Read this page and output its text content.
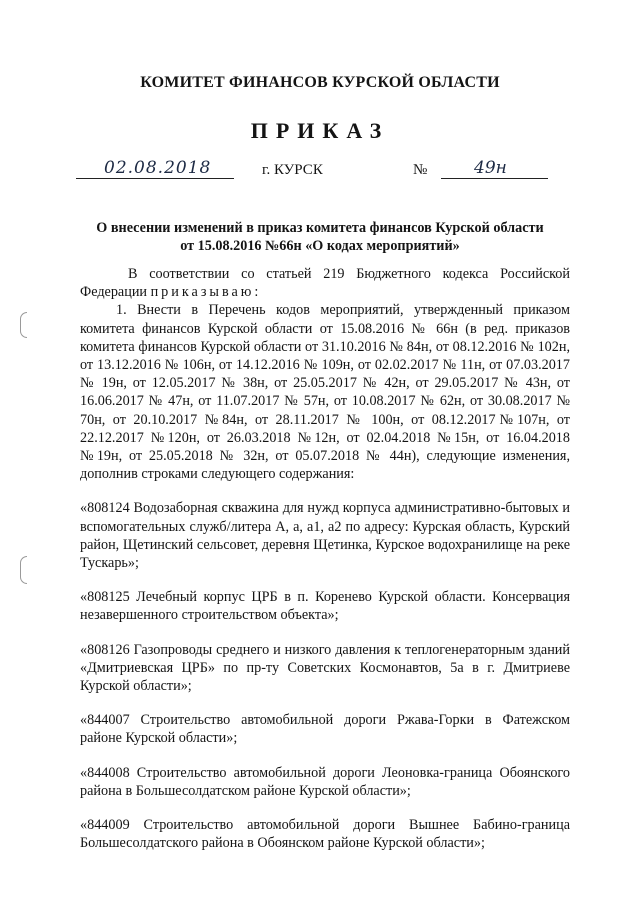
КОМИТЕТ ФИНАНСОВ КУРСКОЙ ОБЛАСТИ
ПРИКАЗ
02.08.2018	г. КУРСК	№	49н
О внесении изменений в приказ комитета финансов Курской области
от 15.08.2016 №66н «О кодах мероприятий»

В соответствии со статьей 219 Бюджетного кодекса Российской Федерации приказываю:

1. Внести в Перечень кодов мероприятий, утвержденный приказом комитета финансов Курской области от 15.08.2016 № 66н (в ред. приказов комитета финансов Курской области от 31.10.2016 № 84н, от 08.12.2016 № 102н, от 13.12.2016 № 106н, от 14.12.2016 № 109н, от 02.02.2017 № 11н, от 07.03.2017 № 19н, от 12.05.2017 № 38н, от 25.05.2017 № 42н, от 29.05.2017 № 43н, от 16.06.2017 № 47н, от 11.07.2017 № 57н, от 10.08.2017 № 62н, от 30.08.2017 № 70н, от 20.10.2017 №84н, от 28.11.2017 № 100н, от 08.12.2017№107н, от 22.12.2017 №120н, от 26.03.2018 №12н, от 02.04.2018 №15н, от 16.04.2018 №19н, от 25.05.2018 № 32н, от 05.07.2018 № 44н), следующие изменения, дополнив строками следующего содержания:

«808124 Водозаборная скважина для нужд корпуса административно-бытовых и вспомогательных служб/литера А, а, а1, а2 по адресу: Курская область, Курский район, Щетинский сельсовет, деревня Щетинка, Курское водохранилище на реке Тускарь»;

«808125 Лечебный корпус ЦРБ в п. Коренево Курской области. Консервация незавершенного строительством объекта»;

«808126 Газопроводы среднего и низкого давления к теплогенераторным зданий «Дмитриевская ЦРБ» по пр-ту Советских Космонавтов, 5а в г. Дмитриеве Курской области»;

«844007 Строительство автомобильной дороги Ржава-Горки в Фатежском районе Курской области»;

«844008 Строительство автомобильной дороги Леоновка-граница Обоянского района в Большесолдатском районе Курской области»;

«844009 Строительство автомобильной дороги Вышнее Бабино-граница Большесолдатского района в Обоянском районе Курской области»;
